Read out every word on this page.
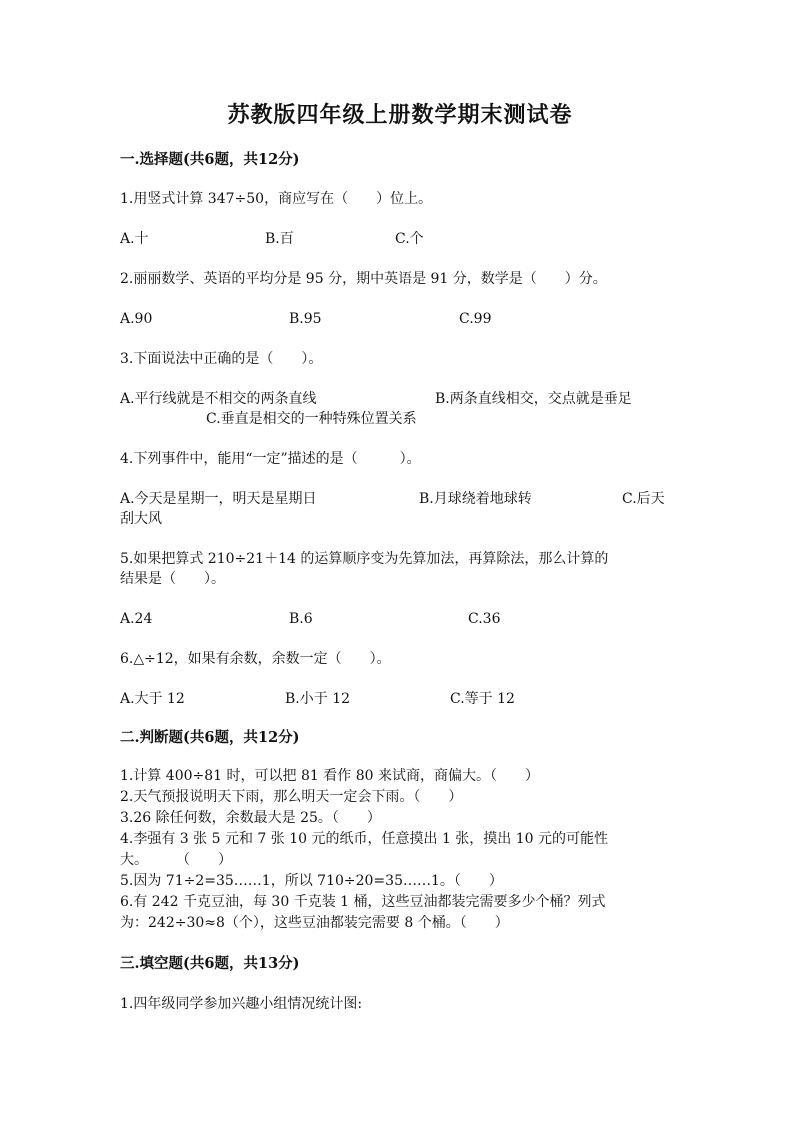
苏教版四年级上册数学期末测试卷
一.选择题(共6题，共12分)
1.用竖式计算 347÷50，商应写在（　　）位上。
A.十	B.百	C.个
2.丽丽数学、英语的平均分是 95 分，期中英语是 91 分，数学是（　　）分。
A.90	B.95	C.99
3.下面说法中正确的是（　　）。
A.平行线就是不相交的两条直线	B.两条直线相交，交点就是垂足
C.垂直是相交的一种特殊位置关系
4.下列事件中，能用“一定”描述的是（　　　）。
A.今天是星期一，明天是星期日	B.月球绕着地球转	C.后天
刮大风
5.如果把算式 210÷21＋14 的运算顺序变为先算加法，再算除法，那么计算的
结果是（　　）。
A.24	B.6	C.36
6.△÷12，如果有余数，余数一定（　　）。
A.大于 12	B.小于 12	C.等于 12
二.判断题(共6题，共12分)
1.计算 400÷81 时，可以把 81 看作 80 来试商，商偏大。（　　）
2.天气预报说明天下雨，那么明天一定会下雨。（　　）
3.26 除任何数，余数最大是 25。（　　）
4.李强有 3 张 5 元和 7 张 10 元的纸币，任意摸出 1 张，摸出 10 元的可能性
大。　　　（　　）
5.因为 71÷2=35……1，所以 710÷20=35……1。（　　）
6.有 242 千克豆油，每 30 千克装 1 桶，这些豆油都装完需要多少个桶？列式
为：242÷30≈8（个），这些豆油都装完需要 8 个桶。（　　）
三.填空题(共6题，共13分)
1.四年级同学参加兴趣小组情况统计图:
